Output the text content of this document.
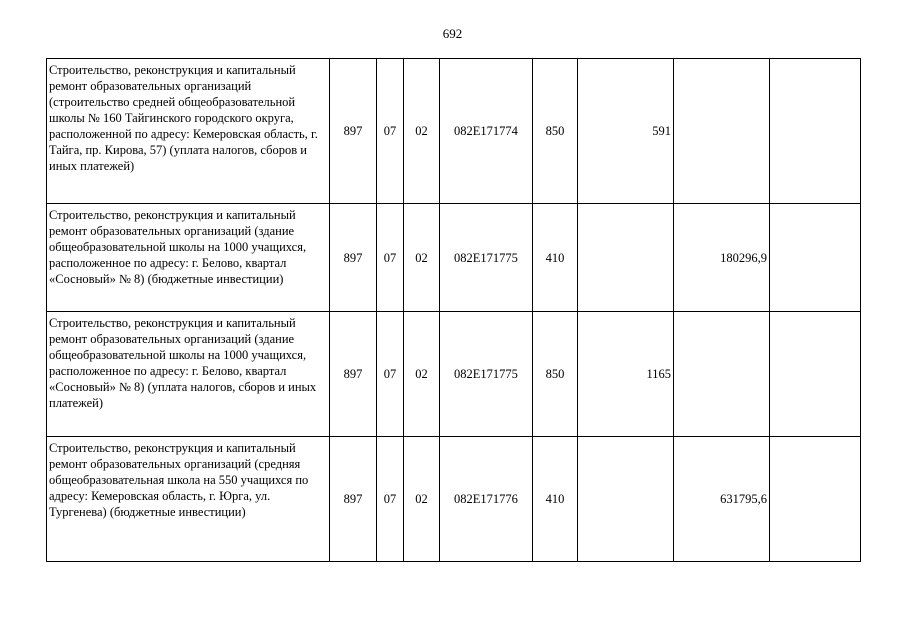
692
Строительство, реконструкция и капитальный ремонт образовательных организаций (строительство средней общеобразовательной школы № 160 Тайгинского городского округа, расположенной по адресу: Кемеровская область, г. Тайга, пр. Кирова, 57) (уплата налогов, сборов и иных платежей)	897	07	02	082E171774	850	591		

Строительство, реконструкция и капитальный ремонт образовательных организаций (здание общеобразовательной школы на 1000 учащихся, расположенное по адресу: г. Белово, квартал «Сосновый» № 8) (бюджетные инвестиции)	897	07	02	082E171775	410		180296,9	

Строительство, реконструкция и капитальный ремонт образовательных организаций (здание общеобразовательной школы на 1000 учащихся, расположенное по адресу: г. Белово, квартал «Сосновый» № 8) (уплата налогов, сборов и иных платежей)	897	07	02	082E171775	850	1165		

Строительство, реконструкция и капитальный ремонт образовательных организаций (средняя общеобразовательная школа на 550 учащихся по адресу: Кемеровская область, г. Юрга, ул. Тургенева) (бюджетные инвестиции)	897	07	02	082E171776	410		631795,6	
